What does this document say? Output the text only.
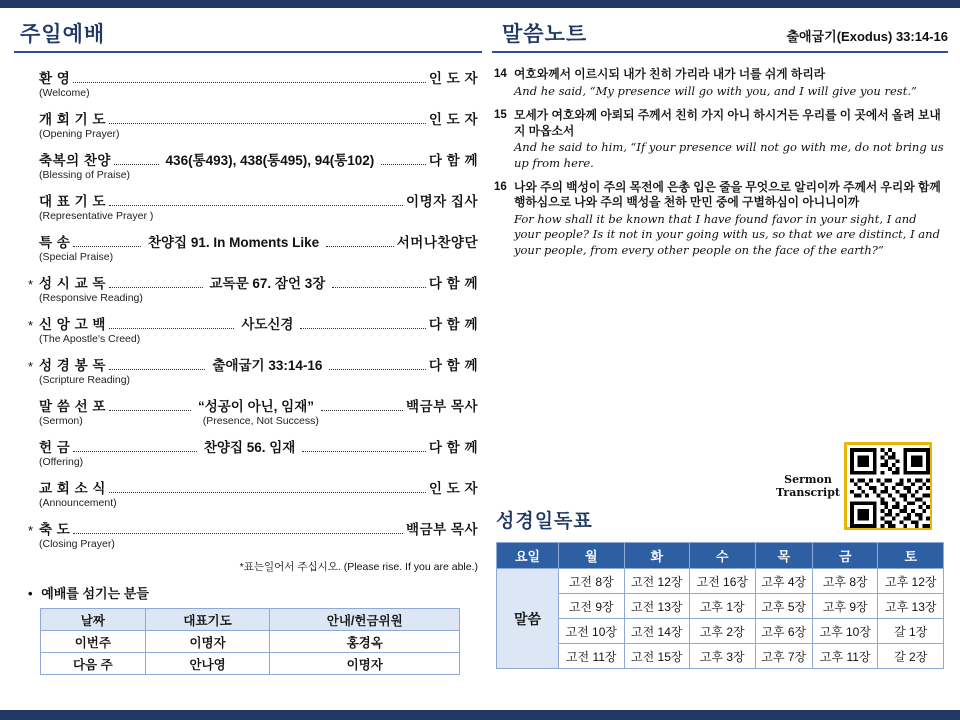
주일예배
환 영	인 도 자
(Welcome)
개 회 기 도	인 도 자
(Opening Prayer)
축복의 찬양	436(통493), 438(통495), 94(통102)	다 함 께
(Blessing of Praise)
대 표 기 도	이명자 집사
(Representative Prayer )
특 송	찬양집 91. In Moments Like	서머나찬양단
(Special Praise)
* 성 시 교 독	교독문 67. 잠언 3장	다 함 께
(Responsive Reading)
* 신 앙 고 백	사도신경	다 함 께
(The Apostle's Creed)
* 성 경 봉 독	출애굽기 33:14-16	다 함 께
(Scripture Reading)
말 씀 선 포	“성공이 아닌, 임재”	백금부 목사
(Sermon)	(Presence, Not Success)
헌 금	찬양집 56. 임재	다 함 께
(Offering)
교 회 소 식	인 도 자
(Announcement)
* 축 도	백금부 목사
(Closing Prayer)
*표는일어서 주십시오. (Please rise. If you are able.)
• 예배를 섬기는 분들
날짜	대표기도	안내/헌금위원
이번주	이명자	홍경옥
다음 주	안나영	이명자
말씀노트	출애굽기(Exodus) 33:14-16
14 여호와께서 이르시되 내가 친히 가리라 내가 너를 쉬게 하리라
And he said, “My presence will go with you, and I will give you rest.”
15 모세가 여호와께 아뢰되 주께서 친히 가지 아니 하시거든 우리를 이 곳에서 올려 보내지 마옵소서
And he said to him, “If your presence will not go with me, do not bring us up from here.
16 나와 주의 백성이 주의 목전에 은총 입은 줄을 무엇으로 알리이까 주께서 우리와 함께 행하심으로 나와 주의 백성을 천하 만민 중에 구별하심이 아니니이까
For how shall it be known that I have found favor in your sight, I and your people? Is it not in your going with us, so that we are distinct, I and your people, from every other people on the face of the earth?”
Sermon
Transcript
성경일독표
요일	월	화	수	목	금	토
말씀	고전 8장	고전 12장	고전 16장	고후 4장	고후 8장	고후 12장
	고전 9장	고전 13장	고후 1장	고후 5장	고후 9장	고후 13장
	고전 10장	고전 14장	고후 2장	고후 6장	고후 10장	갈 1장
	고전 11장	고전 15장	고후 3장	고후 7장	고후 11장	갈 2장
